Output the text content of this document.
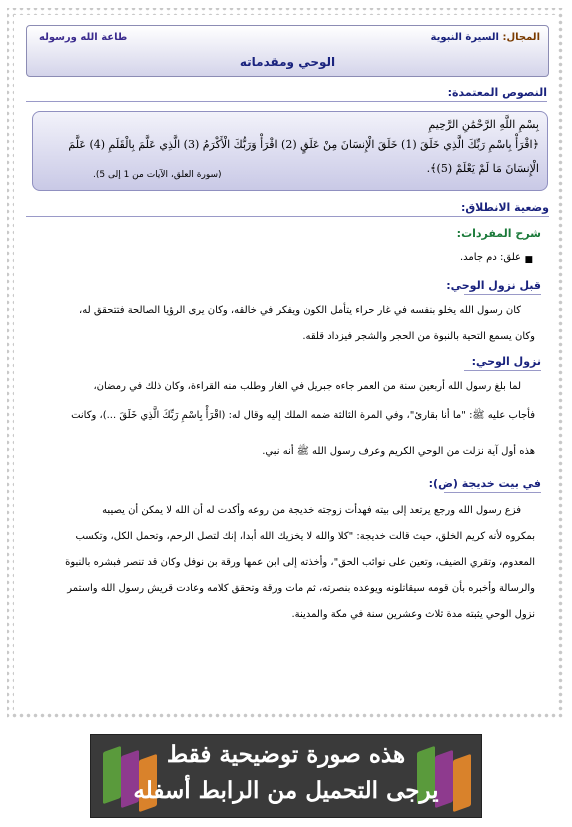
المجال: السيرة النبوية
طاعة الله ورسوله
الوحي ومقدماته
النصوص المعتمدة:
بِسْمِ اللَّهِ الرَّحْمَٰنِ الرَّحِيمِ
﴿اقْرَأْ بِاسْمِ رَبِّكَ الَّذِي خَلَقَ (1) خَلَقَ الْإِنسَانَ مِنْ عَلَقٍ (2) اقْرَأْ وَرَبُّكَ الْأَكْرَمُ (3) الَّذِي عَلَّمَ بِالْقَلَمِ (4) عَلَّمَ
الْإِنسَانَ مَا لَمْ يَعْلَمْ (5)﴾.
(سورة العلق، الآيات من 1 إلى 5).
وضعية الانطلاق:
شرح المفردات:
■
علق: دم جامد.
قبل نزول الوحي:
كان رسول الله يخلو بنفسه في غار حراء يتأمل الكون ويفكر في خالقه، وكان يرى الرؤيا الصالحة فتتحقق له،
وكان يسمع التحية بالنبوة من الحجر والشجر فيزداد قلقه.
نزول الوحي:
لما بلغ رسول الله أربعين سنة من العمر جاءه جبريل في الغار وطلب منه القراءة، وكان ذلك في رمضان،
فأجاب عليه ﷺ: "ما أنا بقارئ"، وفي المرة الثالثة ضمه الملك إليه وقال له: (اقْرَأْ بِاسْمِ رَبِّكَ الَّذِي خَلَقَ ...)، وكانت
هذه أول آية نزلت من الوحي الكريم وعرف رسول الله ﷺ أنه نبي.
في بيت خديجة (ض):
فزع رسول الله ورجع يرتعد إلى بيته فهدأت زوجته خديجة من روعه وأكدت له أن الله لا يمكن أن يصيبه
بمكروه لأنه كريم الخلق، حيث قالت خديجة: "كلا والله لا يخزيك الله أبدا، إنك لتصل الرحم، وتحمل الكل، وتكسب
المعدوم، وتقري الضيف، وتعين على نوائب الحق"، وأخذته إلى ابن عمها ورقة بن نوفل وكان قد تنصر فبشره بالنبوة
والرسالة وأخبره بأن قومه سيقاتلونه ويوعده بنصرته، ثم مات ورقة وتحقق كلامه وعادت قريش رسول الله واستمر
نزول الوحي يثبته مدة ثلاث وعشرين سنة في مكة والمدينة.
هذه صورة توضيحية فقط
يرجى التحميل من الرابط أسفله
